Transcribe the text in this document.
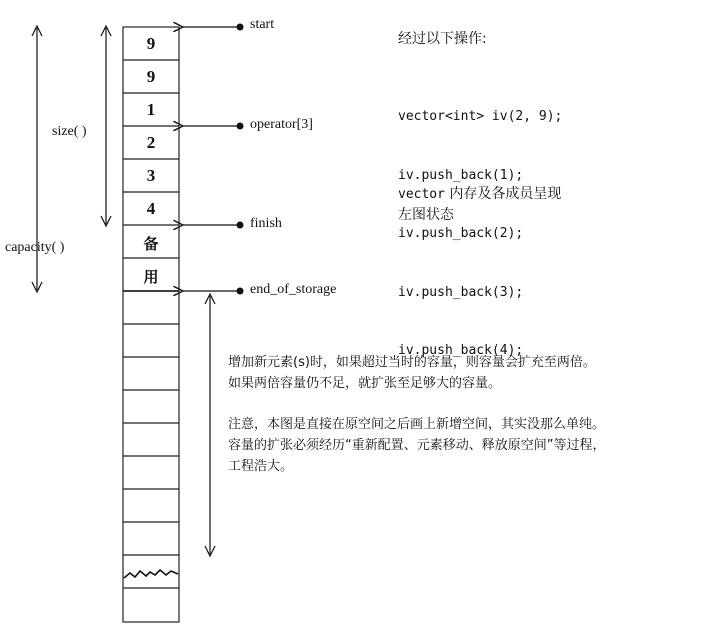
9
9
1
2
3
4
备
用
start
operator[3]
finish
end_of_storage
size( )
capacity( )
经过以下操作:

vector<int> iv(2, 9);

iv.push_back(1);

iv.push_back(2);

iv.push_back(3);

iv.push_back(4);

vector 内存及各成员呈现
左图状态
增加新元素(s)时，如果超过当时的容量，则容量会扩充至两倍。
如果两倍容量仍不足，就扩张至足够大的容量。
注意，本图是直接在原空间之后画上新增空间，其实没那么单纯。
容量的扩张必须经历“重新配置、元素移动、释放原空间”等过程，
工程浩大。
